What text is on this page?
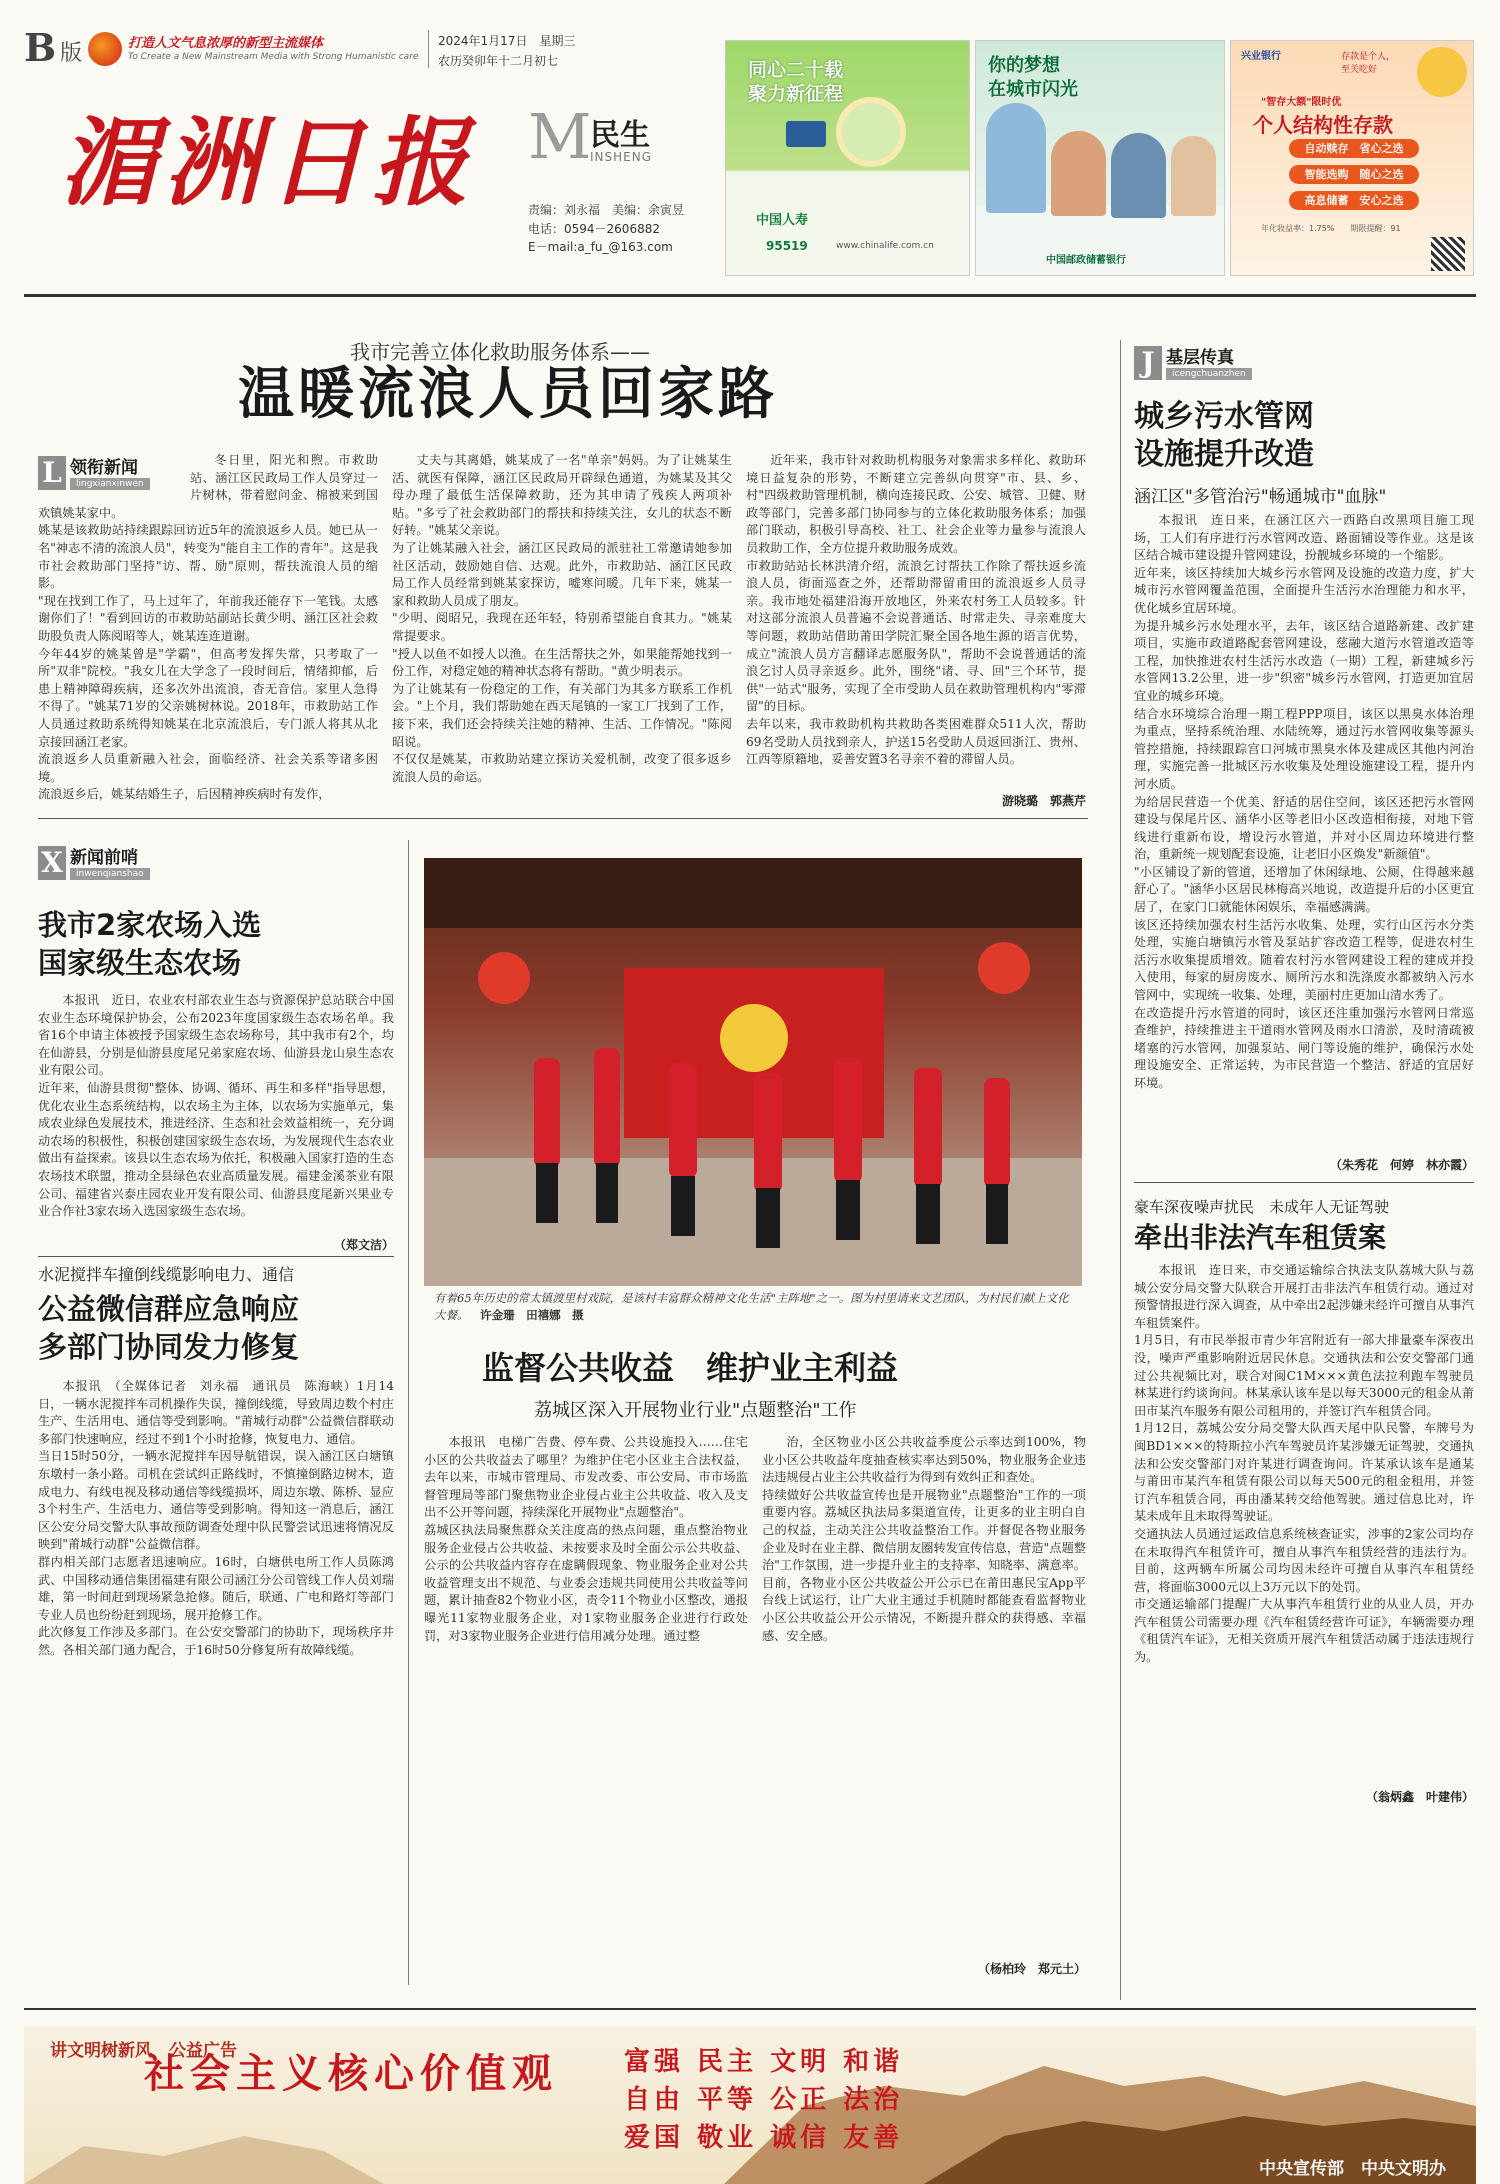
B 版	打造人文气息浓厚的新型主流媒体
To Create a New Mainstream Media with Strong Humanistic care
2024年1月17日　星期三
农历癸卯年十二月初七
湄洲日报 M
民生
INSHENG
责编：刘永福　美编：余寅昱
电话：0594－2606882
E－mail:a_fu_@163.com
同心二十载
聚力新征程
中国人寿
95519	www.chinalife.com.cn
你的梦想
在城市闪光
中国邮政储蓄银行
兴业银行	存款是个人，至关吃好
"智存大额"限时优
个人结构性存款
自动赎存　省心之选
智能选购　随心之选
高息储蓄　安心之选
年化收益率：1.75%　　期限提醒：91
我市完善立体化救助服务体系——
温暖流浪人员回家路
L 领衔新闻
lingxianxinwen
冬日里，阳光和煦。市救助站、涵江区民政局工作人员穿过一片树林，带着慰问金、棉被来到国欢镇姚某家中。
姚某是该救助站持续跟踪回访近5年的流浪返乡人员。她已从一名"神志不清的流浪人员"，转变为"能自主工作的青年"。这是我市社会救助部门坚持"访、帮、励"原则，帮扶流浪人员的缩影。
"现在找到工作了，马上过年了，年前我还能存下一笔钱。太感谢你们了！"看到回访的市救助站副站长黄少明、涵江区社会救助股负责人陈阅昭等人，姚某连连道谢。
今年44岁的姚某曾是"学霸"，但高考发挥失常，只考取了一所"双非"院校。"我女儿在大学念了一段时间后，情绪抑郁，后患上精神障碍疾病，还多次外出流浪，杳无音信。家里人急得不得了。"姚某71岁的父亲姚树林说。2018年，市救助站工作人员通过救助系统得知姚某在北京流浪后，专门派人将其从北京接回涵江老家。
流浪返乡人员重新融入社会，面临经济、社会关系等诸多困境。
流浪返乡后，姚某结婚生子，后因精神疾病时有发作，
丈夫与其离婚，姚某成了一名"单亲"妈妈。为了让姚某生活、就医有保障，涵江区民政局开辟绿色通道，为姚某及其父母办理了最低生活保障救助，还为其申请了残疾人两项补贴。"多亏了社会救助部门的帮扶和持续关注，女儿的状态不断好转。"姚某父亲说。
为了让姚某融入社会，涵江区民政局的派驻社工常邀请她参加社区活动，鼓励她自信、达观。此外，市救助站、涵江区民政局工作人员经常到姚某家探访，嘘寒问暖。几年下来，姚某一家和救助人员成了朋友。
"少明、阅昭兄，我现在还年轻，特别希望能自食其力。"姚某常提要求。
"授人以鱼不如授人以渔。在生活帮扶之外，如果能帮她找到一份工作，对稳定她的精神状态将有帮助。"黄少明表示。
为了让姚某有一份稳定的工作，有关部门为其多方联系工作机会。"上个月，我们帮助她在西天尾镇的一家工厂找到了工作，接下来，我们还会持续关注她的精神、生活、工作情况。"陈阅昭说。
不仅仅是姚某，市救助站建立探访关爱机制，改变了很多返乡流浪人员的命运。
近年来，我市针对救助机构服务对象需求多样化、救助环境日益复杂的形势，不断建立完善纵向贯穿"市、县、乡、村"四级救助管理机制，横向连接民政、公安、城管、卫健、财政等部门，完善多部门协同参与的立体化救助服务体系；加强部门联动，积极引导高校、社工、社会企业等力量参与流浪人员救助工作，全方位提升救助服务成效。
市救助站站长林洪清介绍，流浪乞讨帮扶工作除了帮扶返乡流浪人员，街面巡查之外，还帮助滞留甫田的流浪返乡人员寻亲。我市地处福建沿海开放地区，外来农村务工人员较多。针对这部分流浪人员普遍不会说普通话、时常走失、寻亲难度大等问题，救助站借助莆田学院汇聚全国各地生源的语言优势，成立"流浪人员方言翻译志愿服务队"，帮助不会说普通话的流浪乞讨人员寻亲返乡。此外，围绕"诸、寻、回"三个环节，提供"一站式"服务，实现了全市受助人员在救助管理机构内"零滞留"的目标。
去年以来，我市救助机构共救助各类困难群众511人次，帮助69名受助人员找到亲人，护送15名受助人员返回浙江、贵州、江西等原籍地，妥善安置3名寻亲不着的滞留人员。
游晓璐　郭燕芹
J 基层传真
icengchuanzhen
城乡污水管网
设施提升改造
涵江区"多管治污"畅通城市"血脉"
本报讯　连日来，在涵江区六一西路白改黑项目施工现场，工人们有序进行污水管网改造、路面铺设等作业。这是该区结合城市建设提升管网建设，扮靓城乡环境的一个缩影。
近年来，该区持续加大城乡污水管网及设施的改造力度，扩大城市污水管网覆盖范围，全面提升生活污水治理能力和水平，优化城乡宜居环境。
为提升城乡污水处理水平，去年，该区结合道路新建、改扩建项目，实施市政道路配套管网建设，慈融大道污水管道改造等工程，加快推进农村生活污水改造（一期）工程，新建城乡污水管网13.2公里，进一步"织密"城乡污水管网，打造更加宜居宜业的城乡环境。
结合水环境综合治理一期工程PPP项目，该区以黑臭水体治理为重点，坚持系统治理、水陆统筹，通过污水管网收集等源头管控措施，持续跟踪宫口河城市黑臭水体及建成区其他内河治理，实施完善一批城区污水收集及处理设施建设工程，提升内河水质。
为给居民营造一个优美、舒适的居住空间，该区还把污水管网建设与保尾片区、涵华小区等老旧小区改造相衔接，对地下管线进行重新布设，增设污水管道，并对小区周边环境进行整治，重新统一规划配套设施，让老旧小区焕发"新颜值"。
"小区铺设了新的管道，还增加了休闲绿地、公厕，住得越来越舒心了。"涵华小区居民林梅高兴地说，改造提升后的小区更宜居了，在家门口就能休闲娱乐，幸福感满满。
该区还持续加强农村生活污水收集、处理，实行山区污水分类处理，实施白塘镇污水管及泵站扩容改造工程等，促进农村生活污水收集提质增效。随着农村污水管网建设工程的建成并投入使用，每家的厨房废水、厕所污水和洗涤废水都被纳入污水管网中，实现统一收集、处理，美丽村庄更加山清水秀了。
在改造提升污水管道的同时，该区还注重加强污水管网日常巡查维护，持续推进主干道雨水管网及雨水口清淤，及时清疏被堵塞的污水管网，加强泵站、闸门等设施的维护，确保污水处理设施安全、正常运转，为市民营造一个整洁、舒适的宜居好环境。
（朱秀花　何婷　林亦霞）
豪车深夜噪声扰民　未成年人无证驾驶
牵出非法汽车租赁案
本报讯　连日来，市交通运输综合执法支队荔城大队与荔城公安分局交警大队联合开展打击非法汽车租赁行动。通过对预警情报进行深入调查，从中牵出2起涉嫌未经许可擅自从事汽车租赁案件。
1月5日，有市民举报市青少年宫附近有一部大排量豪车深夜出没，噪声严重影响附近居民休息。交通执法和公安交警部门通过公共视频比对，联合对闽C1M×××黄色法拉利跑车驾驶员林某进行约谈询问。林某承认该车是以每天3000元的租金从莆田市某汽车服务有限公司租用的，并签订汽车租赁合同。
1月12日，荔城公安分局交警大队西天尾中队民警，车牌号为闽BD1×××的特斯拉小汽车驾驶员许某涉嫌无证驾驶，交通执法和公安交警部门对许某进行调查询问。许某承认该车是通某与莆田市某汽车租赁有限公司以每天500元的租金租用，并签订汽车租赁合同，再由潘某转交给他驾驶。通过信息比对，许某未成年且未取得驾驶证。
交通执法人员通过运政信息系统核查证实，涉事的2家公司均存在未取得汽车租赁许可，擅自从事汽车租赁经营的违法行为。目前，这两辆车所属公司均因未经许可擅自从事汽车租赁经营，将面临3000元以上3万元以下的处罚。
市交通运输部门提醒广大从事汽车租赁行业的从业人员，开办汽车租赁公司需要办理《汽车租赁经营许可证》，车辆需要办理《租赁汽车证》，无相关资质开展汽车租赁活动属于违法违规行为。
（翁炳鑫　叶建伟）
X 新闻前哨
inwenqianshao
我市2家农场入选
国家级生态农场
本报讯　近日，农业农村部农业生态与资源保护总站联合中国农业生态环境保护协会，公布2023年度国家级生态农场名单。我省16个申请主体被授予国家级生态农场称号，其中我市有2个，均在仙游县，分别是仙游县度尾兄弟家庭农场、仙游县龙山泉生态农业有限公司。
近年来，仙游县贯彻"整体、协调、循环、再生和多样"指导思想，优化农业生态系统结构，以农场主为主体，以农场为实施单元，集成农业绿色发展技术，推进经济、生态和社会效益相统一，充分调动农场的积极性，积极创建国家级生态农场，为发展现代生态农业做出有益探索。该县以生态农场为依托，积极融入国家打造的生态农场技术联盟，推动全县绿色农业高质量发展。福建金溪茶业有限公司、福建省兴泰庄园农业开发有限公司、仙游县度尾新兴果业专业合作社3家农场入选国家级生态农场。
（郑文洁）
水泥搅拌车撞倒线缆影响电力、通信
公益微信群应急响应
多部门协同发力修复
本报讯　（全媒体记者　刘永福　通讯员　陈海峡）1月14日，一辆水泥搅拌车司机操作失误，撞倒线缆，导致周边数个村庄生产、生活用电、通信等受到影响。"莆城行动群"公益微信群联动多部门快速响应，经过不到1个小时抢修，恢复电力、通信。
当日15时50分，一辆水泥搅拌车因导航错误，误入涵江区白塘镇东墩村一条小路。司机在尝试纠正路线时，不慎撞倒路边树木，造成电力、有线电视及移动通信等线缆损坏，周边东墩、陈桥、显应3个村生产、生活电力、通信等受到影响。得知这一消息后，涵江区公安分局交警大队事故预防调查处理中队民警尝试迅速将情况反映到"莆城行动群"公益微信群。
群内相关部门志愿者迅速响应。16时，白塘供电所工作人员陈鸿武、中国移动通信集团福建有限公司涵江分公司管线工作人员刘瑞雄，第一时间赶到现场紧急抢修。随后，联通、广电和路灯等部门专业人员也纷纷赶到现场，展开抢修工作。
此次修复工作涉及多部门。在公安交警部门的协助下，现场秩序井然。各相关部门通力配合，于16时50分修复所有故障线缆。
有着65年历史的常太镇渡里村戏院，是该村丰富群众精神文化生活"主阵地"之一。图为村里请来文艺团队，为村民们献上文化大餐。 许金珊　田禧娜　摄
监督公共收益　维护业主利益
荔城区深入开展物业行业"点题整治"工作
本报讯　电梯广告费、停车费、公共设施投入……住宅小区的公共收益去了哪里？为维护住宅小区业主合法权益，去年以来，市城市管理局、市发改委、市公安局、市市场监督管理局等部门聚焦物业企业侵占业主公共收益、收入及支出不公开等问题，持续深化开展物业"点题整治"。
荔城区执法局聚焦群众关注度高的热点问题，重点整治物业服务企业侵占公共收益、未按要求及时全面公示公共收益、公示的公共收益内容存在虚瞒假现象、物业服务企业对公共收益管理支出不规范、与业委会违规共同使用公共收益等问题，累计抽查82个物业小区，责令11个物业小区整改，通报曝光11家物业服务企业，对1家物业服务企业进行行政处罚，对3家物业服务企业进行信用减分处理。通过整
治，全区物业小区公共收益季度公示率达到100%，物业小区公共收益年度抽查核实率达到50%，物业服务企业违法违规侵占业主公共收益行为得到有效纠正和查处。
持续做好公共收益宣传也是开展物业"点题整治"工作的一项重要内容。荔城区执法局多渠道宣传，让更多的业主明白自己的权益，主动关注公共收益整治工作。并督促各物业服务企业及时在业主群、微信朋友圈转发宣传信息，营造"点题整治"工作氛围，进一步提升业主的支持率、知晓率、满意率。目前，各物业小区公共收益公开公示已在莆田惠民宝App平台线上试运行，让广大业主通过手机随时都能查看监督物业小区公共收益公开公示情况，不断提升群众的获得感、幸福感、安全感。
（杨柏玲　郑元土）
讲文明树新风　公益广告
社会主义核心价值观	富强 民主 文明 和谐
自由 平等 公正 法治
爱国 敬业 诚信 友善
中央宣传部　中央文明办
